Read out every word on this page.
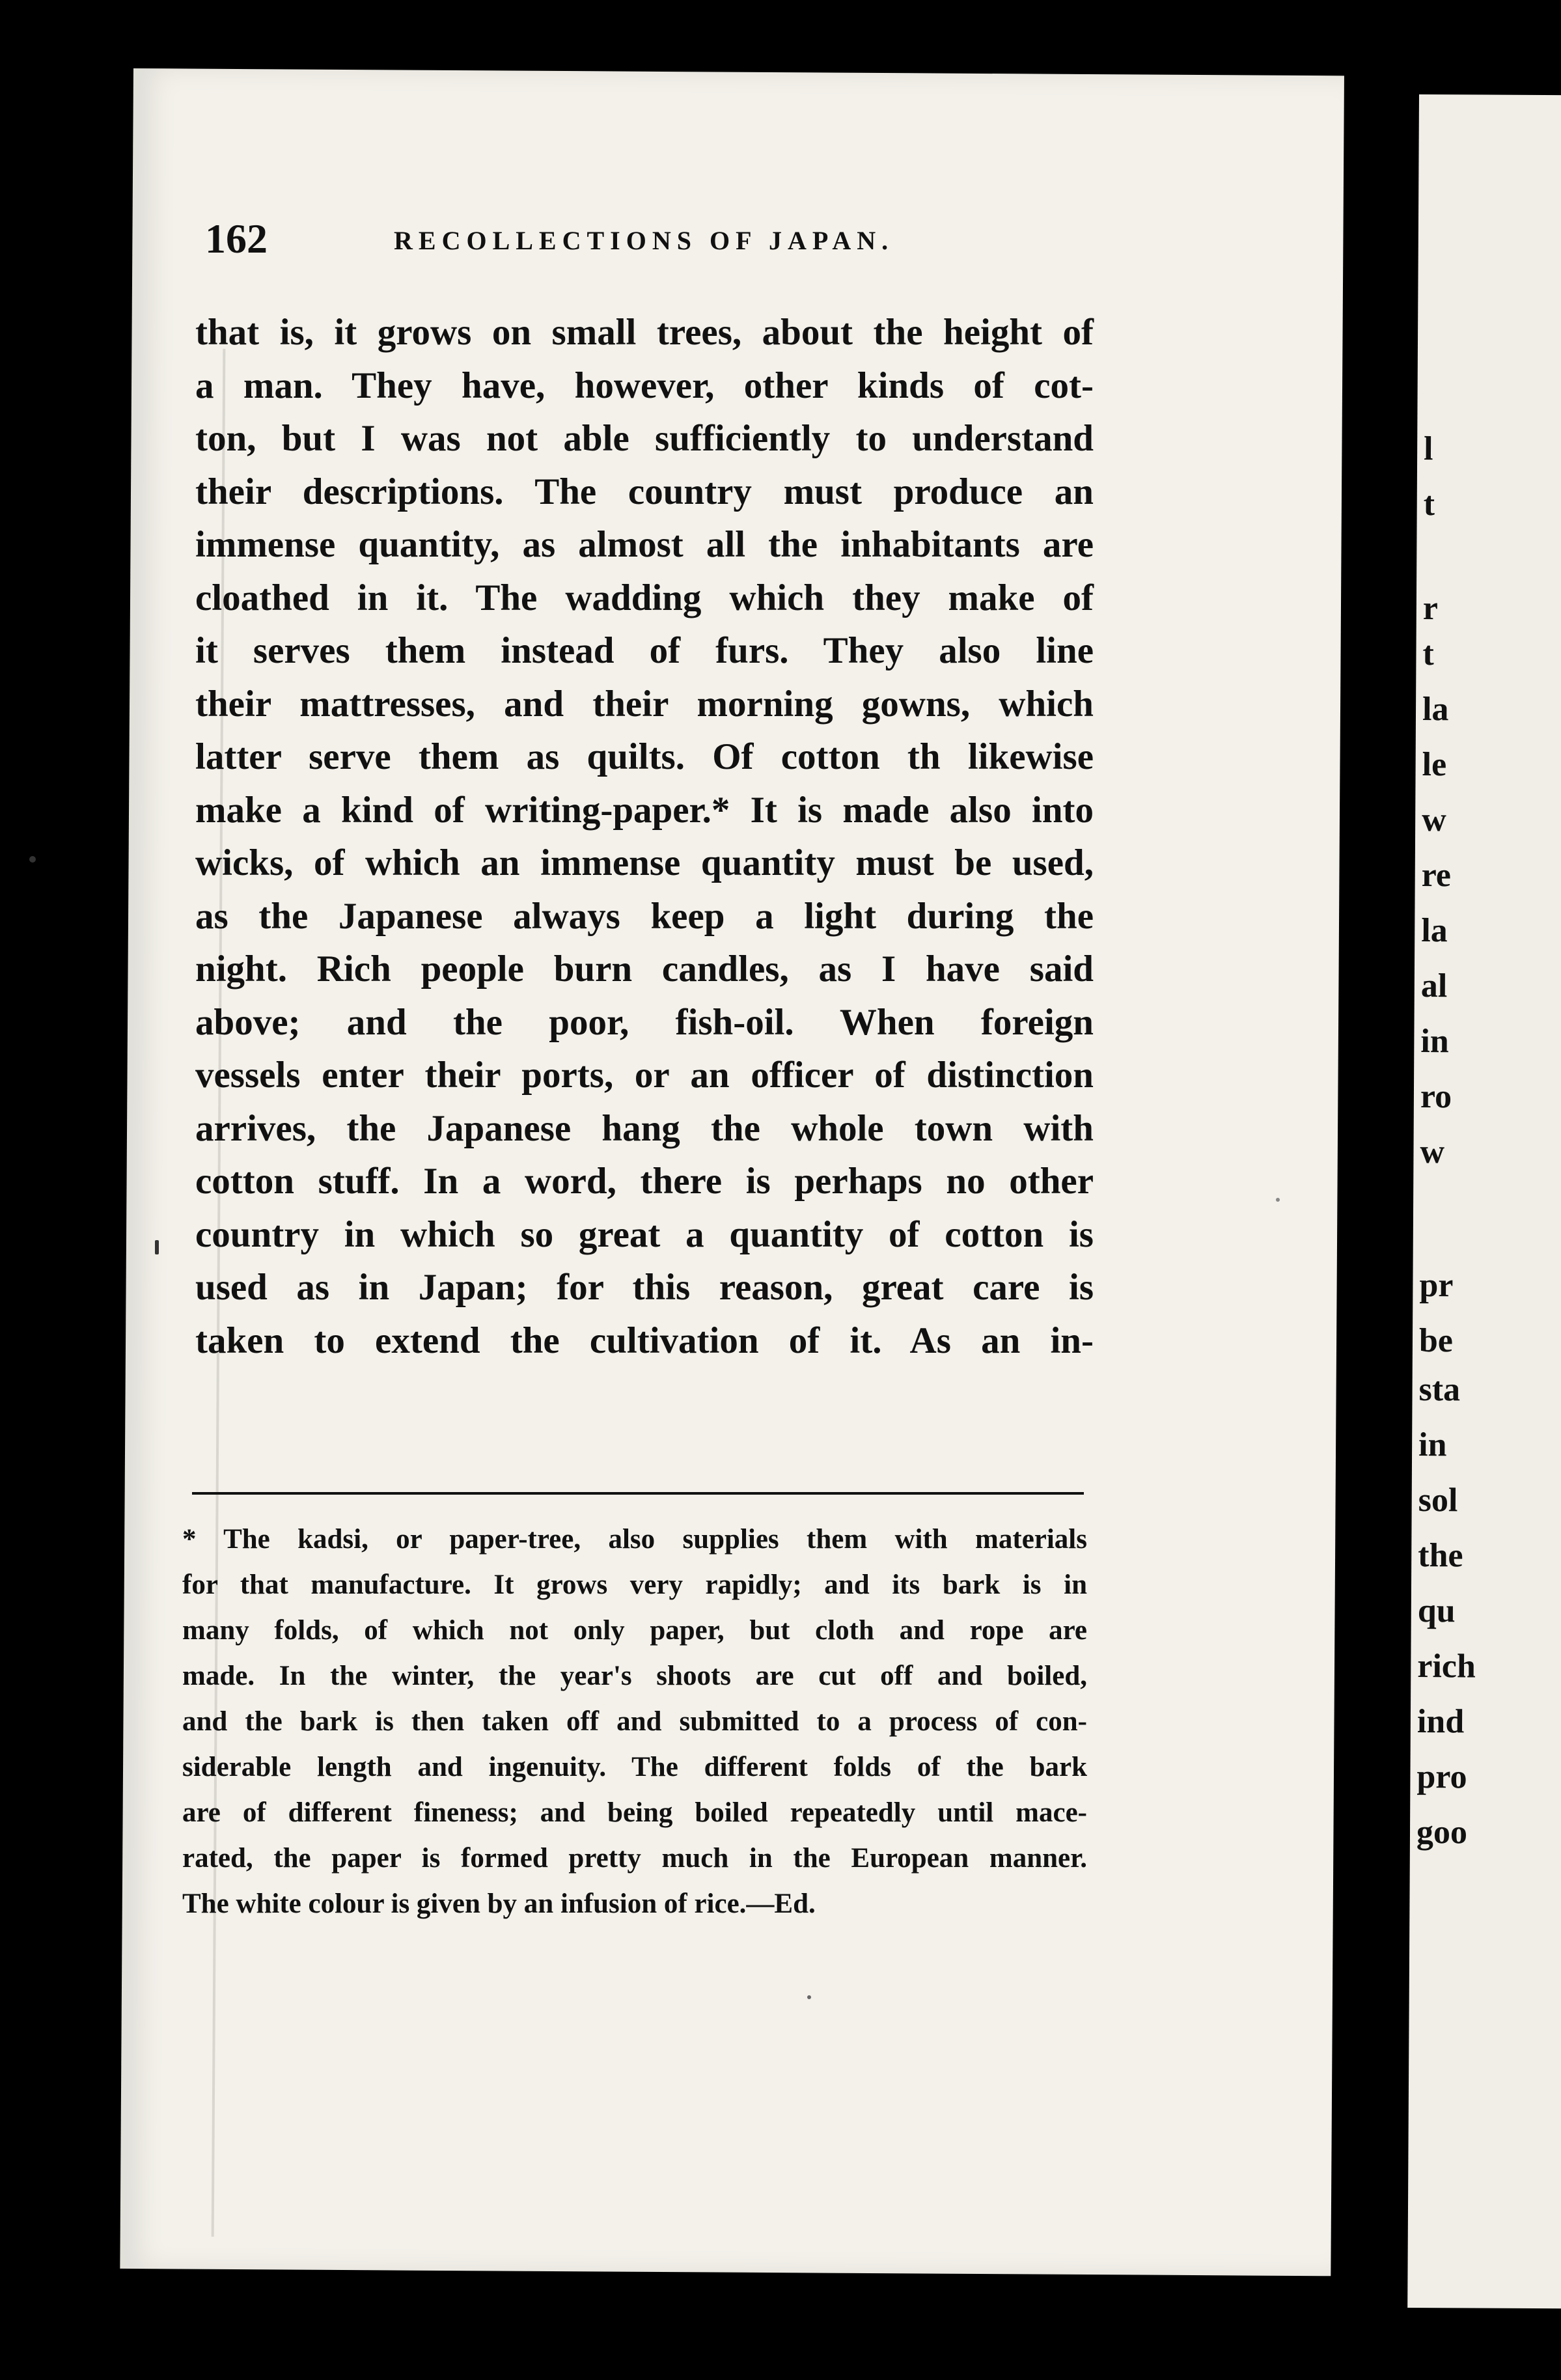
l
t
r
t
la
le
w
re
la
al
in
ro
w
pr
be
sta
in
sol
the
qu
rich
ind
pro
goo
162	RECOLLECTIONS OF JAPAN.
that is, it grows on small trees, about the height of
a man. They have, however, other kinds of cot-
ton, but I was not able sufficiently to understand
their descriptions. The country must produce an
immense quantity, as almost all the inhabitants are
cloathed in it. The wadding which they make of
it serves them instead of furs. They also line
their mattresses, and their morning gowns, which
latter serve them as quilts. Of cotton th likewise
make a kind of writing-paper.* It is made also into
wicks, of which an immense quantity must be used,
as the Japanese always keep a light during the
night. Rich people burn candles, as I have said
above; and the poor, fish-oil. When foreign
vessels enter their ports, or an officer of distinction
arrives, the Japanese hang the whole town with
cotton stuff. In a word, there is perhaps no other
country in which so great a quantity of cotton is
used as in Japan; for this reason, great care is
taken to extend the cultivation of it. As an in-
* The kadsi, or paper-tree, also supplies them with materials
for that manufacture. It grows very rapidly; and its bark is in
many folds, of which not only paper, but cloth and rope are
made. In the winter, the year's shoots are cut off and boiled,
and the bark is then taken off and submitted to a process of con-
siderable length and ingenuity. The different folds of the bark
are of different fineness; and being boiled repeatedly until mace-
rated, the paper is formed pretty much in the European manner.
The white colour is given by an infusion of rice.—Ed.
